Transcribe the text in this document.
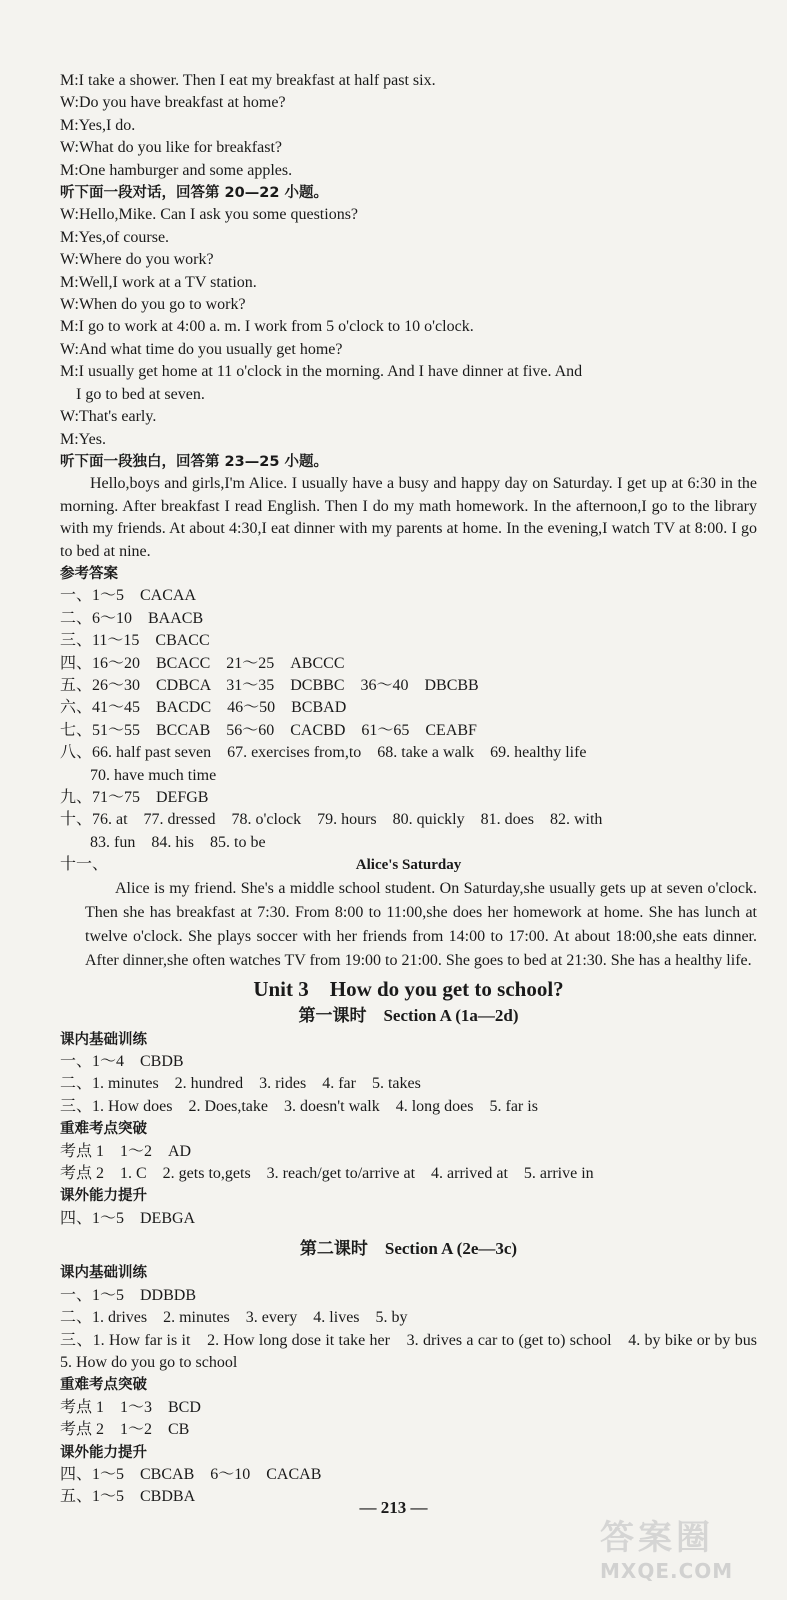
M:I take a shower. Then I eat my breakfast at half past six.
W:Do you have breakfast at home?
M:Yes,I do.
W:What do you like for breakfast?
M:One hamburger and some apples.
听下面一段对话，回答第 20—22 小题。
W:Hello,Mike. Can I ask you some questions?
M:Yes,of course.
W:Where do you work?
M:Well,I work at a TV station.
W:When do you go to work?
M:I go to work at 4:00 a. m. I work from 5 o'clock to 10 o'clock.
W:And what time do you usually get home?
M:I usually get home at 11 o'clock in the morning. And I have dinner at five. And
I go to bed at seven.
W:That's early.
M:Yes.
听下面一段独白，回答第 23—25 小题。
Hello,boys and girls,I'm Alice. I usually have a busy and happy day on Saturday. I get up at 6:30 in the morning. After breakfast I read English. Then I do my math homework. In the afternoon,I go to the library with my friends. At about 4:30,I eat dinner with my parents at home. In the evening,I watch TV at 8:00. I go to bed at nine.
参考答案
一、1～5　CACAA
二、6～10　BAACB
三、11～15　CBACC
四、16～20　BCACC　21～25　ABCCC
五、26～30　CDBCA　31～35　DCBBC　36～40　DBCBB
六、41～45　BACDC　46～50　BCBAD
七、51～55　BCCAB　56～60　CACBD　61～65　CEABF
八、66. half past seven　67. exercises from,to　68. take a walk　69. healthy life
70. have much time
九、71～75　DEFGB
十、76. at　77. dressed　78. o'clock　79. hours　80. quickly　81. does　82. with
83. fun　84. his　85. to be
十一、	Alice's Saturday

Alice is my friend. She's a middle school student. On Saturday,she usually gets up at seven o'clock. Then she has breakfast at 7:30. From 8:00 to 11:00,she does her homework at home. She has lunch at twelve o'clock. She plays soccer with her friends from 14:00 to 17:00. At about 18:00,she eats dinner. After dinner,she often watches TV from 19:00 to 21:00. She goes to bed at 21:30. She has a healthy life.

Unit 3　How do you get to school?
第一课时　Section A (1a—2d)
课内基础训练
一、1～4　CBDB
二、1. minutes　2. hundred　3. rides　4. far　5. takes
三、1. How does　2. Does,take　3. doesn't walk　4. long does　5. far is
重难考点突破
考点 1　1～2　AD
考点 2　1. C　2. gets to,gets　3. reach/get to/arrive at　4. arrived at　5. arrive in
课外能力提升
四、1～5　DEBGA
第二课时　Section A (2e—3c)
课内基础训练
一、1～5　DDBDB
二、1. drives　2. minutes　3. every　4. lives　5. by
三、1. How far is it　2. How long dose it take her　3. drives a car to (get to) school　4. by bike or by bus　5. How do you go to school
重难考点突破
考点 1　1～3　BCD
考点 2　1～2　CB
课外能力提升
四、1～5　CBCAB　6～10　CACAB
五、1～5　CBDBA
— 213 —
答案圈
MXQE.COM
